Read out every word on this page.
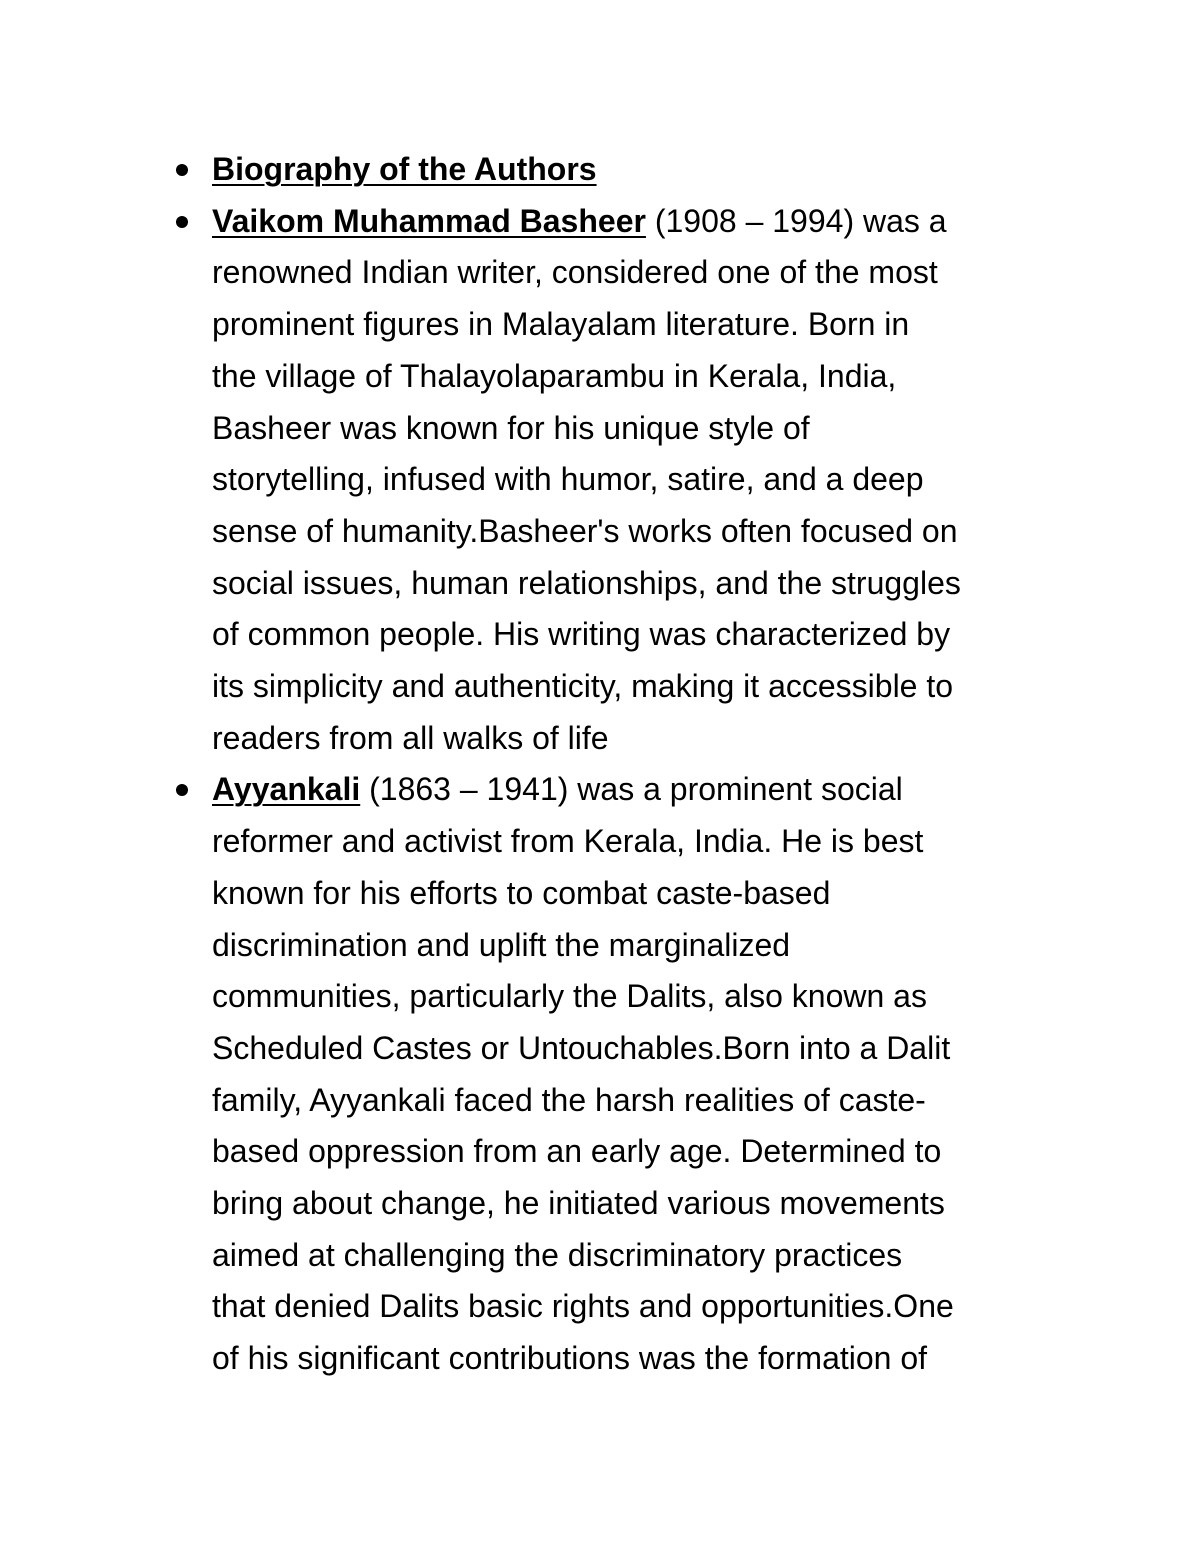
Biography of the Authors
Vaikom Muhammad Basheer (1908 – 1994) was a
renowned Indian writer, considered one of the most
prominent figures in Malayalam literature. Born in
the village of Thalayolaparambu in Kerala, India,
Basheer was known for his unique style of
storytelling, infused with humor, satire, and a deep
sense of humanity.Basheer's works often focused on
social issues, human relationships, and the struggles
of common people. His writing was characterized by
its simplicity and authenticity, making it accessible to
readers from all walks of life
Ayyankali (1863 – 1941) was a prominent social
reformer and activist from Kerala, India. He is best
known for his efforts to combat caste-based
discrimination and uplift the marginalized
communities, particularly the Dalits, also known as
Scheduled Castes or Untouchables.Born into a Dalit
family, Ayyankali faced the harsh realities of caste-
based oppression from an early age. Determined to
bring about change, he initiated various movements
aimed at challenging the discriminatory practices
that denied Dalits basic rights and opportunities.One
of his significant contributions was the formation of
